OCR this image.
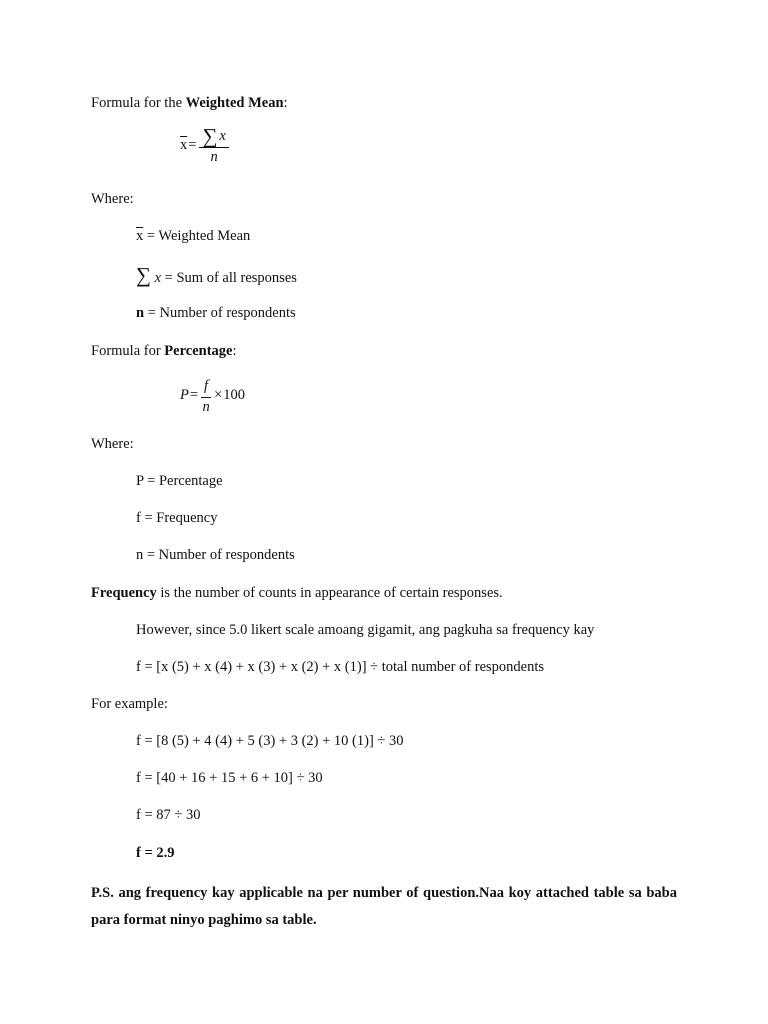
Formula for the Weighted Mean:
$\overline{x} = \frac{\sum x}{n}$
Where:
$\overline{x}$ = Weighted Mean
∑ x = Sum of all responses
n = Number of respondents
Formula for Percentage:
$P = \frac{f}{n} \times 100$
Where:
P = Percentage
f = Frequency
n = Number of respondents
Frequency is the number of counts in appearance of certain responses.
However, since 5.0 likert scale amoang gigamit, ang pagkuha sa frequency kay
f = [x (5) + x (4) + x (3) + x (2) + x (1)] ÷ total number of respondents
For example:
f = [8 (5) + 4 (4) + 5 (3) + 3 (2) + 10 (1)] ÷ 30
f = [40 + 16 + 15 + 6 + 10] ÷ 30
f = 87 ÷ 30
f = 2.9
P.S. ang frequency kay applicable na per number of question.Naa koy attached table sa baba para format ninyo paghimo sa table.
